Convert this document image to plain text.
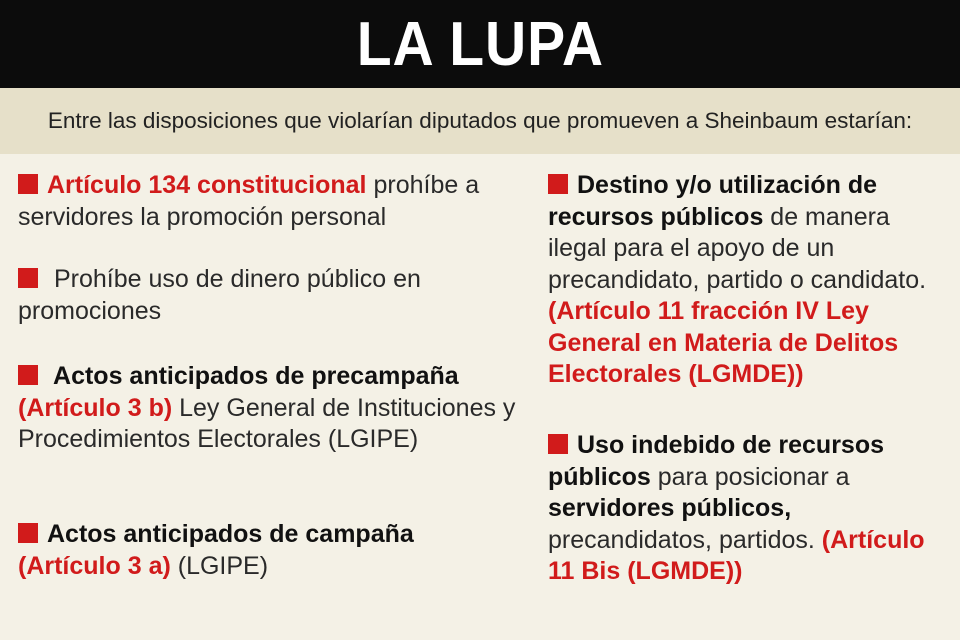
LA LUPA
Entre las disposiciones que violarían diputados que promueven a Sheinbaum estarían:
Artículo 134 constitucional prohíbe a servidores la promoción personal
Prohíbe uso de dinero público en promociones
Actos anticipados de precampaña
(Artículo 3 b) Ley General de Instituciones y Procedimientos Electorales (LGIPE)
Actos anticipados de campaña
(Artículo 3 a) (LGIPE)
Destino y/o utilización de recursos públicos de manera ilegal para el apoyo de un precandidato, partido o candidato. (Artículo 11 fracción IV Ley General en Materia de Delitos Electorales (LGMDE))
Uso indebido de recursos públicos para posicionar a servidores públicos, precandidatos, partidos. (Artículo 11 Bis (LGMDE))
